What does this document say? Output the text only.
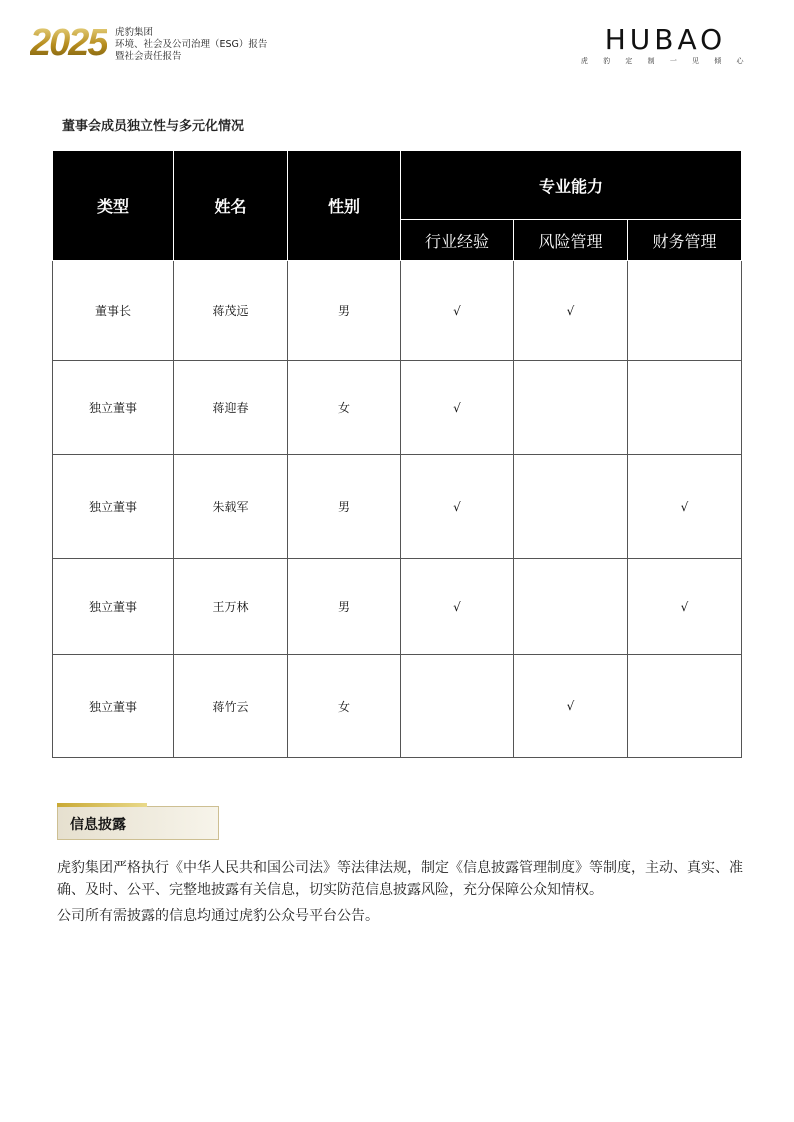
2025 虎豹集团
环境、社会及公司治理（ESG）报告
暨社会责任报告
HUBAO
虎 豹 定 制 一 见 倾 心
董事会成员独立性与多元化情况
类型	姓名	性别	专业能力		
			行业经验	风险管理	财务管理
董事长	蒋茂远	男	√	√	
独立董事	蒋迎春	女	√		
独立董事	朱载军	男	√		√
独立董事	王万林	男	√		√
独立董事	蒋竹云	女		√	
信息披露

虎豹集团严格执行《中华人民共和国公司法》等法律法规，制定《信息披露管理制度》等制度，主动、真实、准确、及时、公平、完整地披露有关信息，切实防范信息披露风险，充分保障公众知情权。

公司所有需披露的信息均通过虎豹公众号平台公告。
